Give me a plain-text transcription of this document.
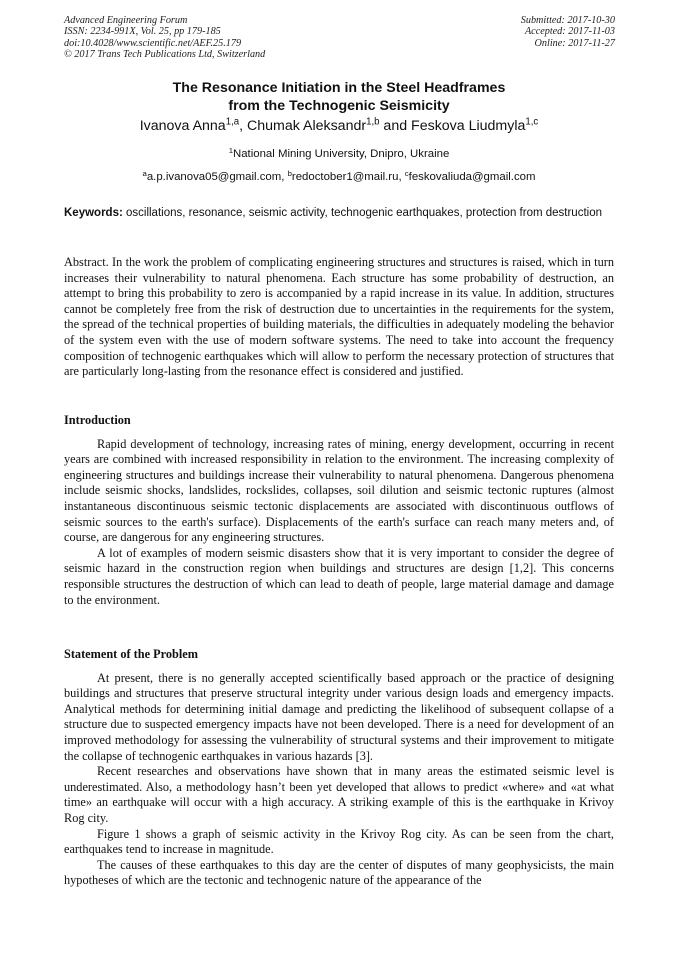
Advanced Engineering Forum
ISSN: 2234-991X, Vol. 25, pp 179-185
doi:10.4028/www.scientific.net/AEF.25.179
© 2017 Trans Tech Publications Ltd, Switzerland
Submitted: 2017-10-30
Accepted: 2017-11-03
Online: 2017-11-27
The Resonance Initiation in the Steel Headframes
from the Technogenic Seismicity
Ivanova Anna$^{1,a}$, Chumak Aleksandr$^{1,b}$ and Feskova Liudmyla$^{1,c}$
$^1$National Mining University, Dnipro, Ukraine
$^a$a.p.ivanova05@gmail.com, $^b$redoctober1@mail.ru, $^c$feskovaliuda@gmail.com
Keywords: oscillations, resonance, seismic activity, technogenic earthquakes, protection from destruction

Abstract. In the work the problem of complicating engineering structures and structures is raised, which in turn increases their vulnerability to natural phenomena. Each structure has some probability of destruction, an attempt to bring this probability to zero is accompanied by a rapid increase in its value. In addition, structures cannot be completely free from the risk of destruction due to uncertainties in the requirements for the system, the spread of the technical properties of building materials, the difficulties in adequately modeling the behavior of the system even with the use of modern software systems. The need to take into account the frequency composition of technogenic earthquakes which will allow to perform the necessary protection of structures that are particularly long-lasting from the resonance effect is considered and justified.

Introduction

Rapid development of technology, increasing rates of mining, energy development, occurring in recent years are combined with increased responsibility in relation to the environment. The increasing complexity of engineering structures and buildings increase their vulnerability to natural phenomena. Dangerous phenomena include seismic shocks, landslides, rockslides, collapses, soil dilution and seismic tectonic ruptures (almost instantaneous discontinuous seismic tectonic displacements are associated with discontinuous outflows of seismic sources to the earth's surface). Displacements of the earth's surface can reach many meters and, of course, are dangerous for any engineering structures.

A lot of examples of modern seismic disasters show that it is very important to consider the degree of seismic hazard in the construction region when buildings and structures are design [1,2]. This concerns responsible structures the destruction of which can lead to death of people, large material damage and damage to the environment.

Statement of the Problem

At present, there is no generally accepted scientifically based approach or the practice of designing buildings and structures that preserve structural integrity under various design loads and emergency impacts. Analytical methods for determining initial damage and predicting the likelihood of subsequent collapse of a structure due to suspected emergency impacts have not been developed. There is a need for development of an improved methodology for assessing the vulnerability of structural systems and their improvement to mitigate the collapse of technogenic earthquakes in various hazards [3].

Recent researches and observations have shown that in many areas the estimated seismic level is underestimated. Also, a methodology hasn’t been yet developed that allows to predict «where» and «at what time» an earthquake will occur with a high accuracy. A striking example of this is the earthquake in Krivoy Rog city.

Figure 1 shows a graph of seismic activity in the Krivoy Rog city. As can be seen from the chart, earthquakes tend to increase in magnitude.

The causes of these earthquakes to this day are the center of disputes of many geophysicists, the main hypotheses of which are the tectonic and technogenic nature of the appearance of the
